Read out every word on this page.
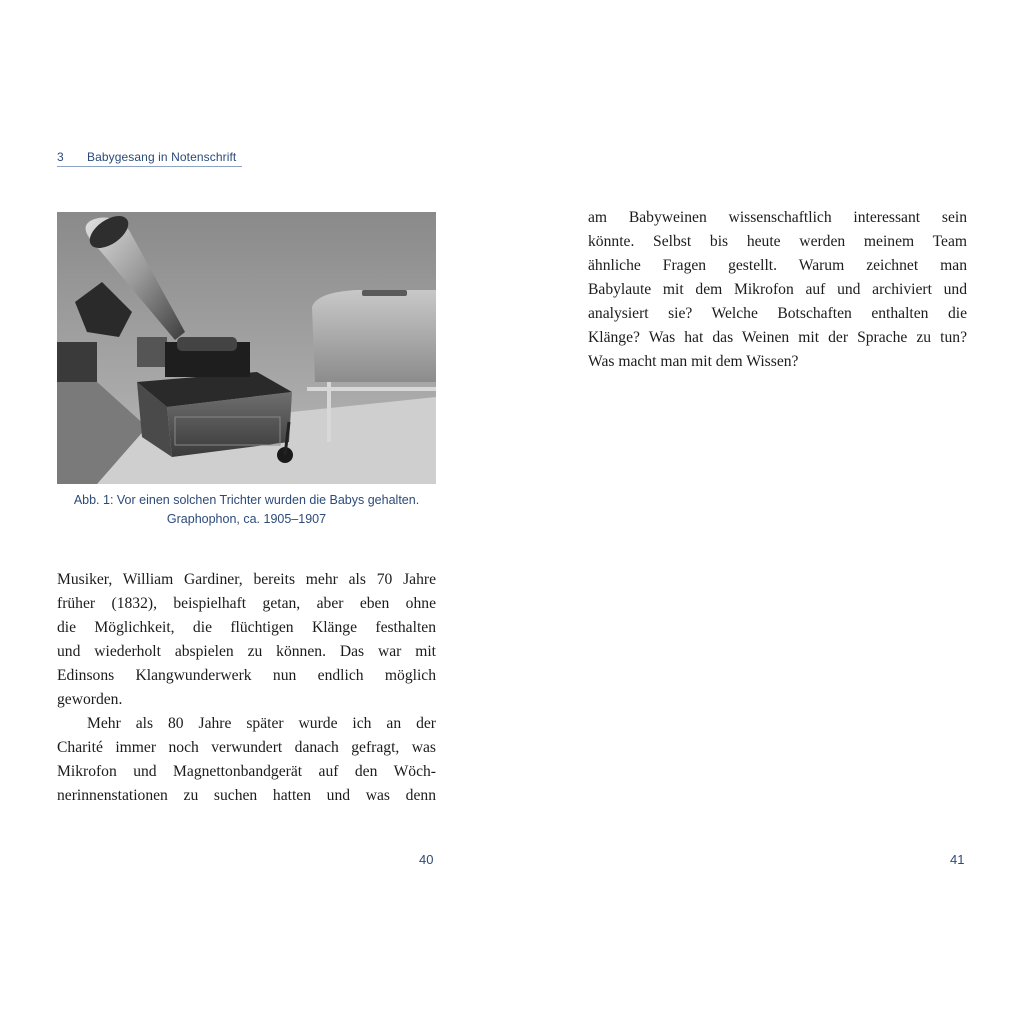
3 Babygesang in Notenschrift
Abb. 1: Vor einen solchen Trichter wurden die Babys gehalten.
Graphophon, ca. 1905–1907
Musiker, William Gardiner, bereits mehr als 70 Jahre
früher (1832), beispielhaft getan, aber eben ohne
die Möglichkeit, die flüchtigen Klänge festhalten
und wiederholt abspielen zu können. Das war mit
Edinsons Klangwunderwerk nun endlich möglich
geworden.
Mehr als 80 Jahre später wurde ich an der
Charité immer noch verwundert danach gefragt, was
Mikrofon und Magnettonbandgerät auf den Wöch-
nerinnenstationen zu suchen hatten und was denn
40
am Babyweinen wissenschaftlich interessant sein
könnte. Selbst bis heute werden meinem Team
ähnliche Fragen gestellt. Warum zeichnet man
Babylaute mit dem Mikrofon auf und archiviert und
analysiert sie? Welche Botschaften enthalten die
Klänge? Was hat das Weinen mit der Sprache zu tun?
Was macht man mit dem Wissen?
41
